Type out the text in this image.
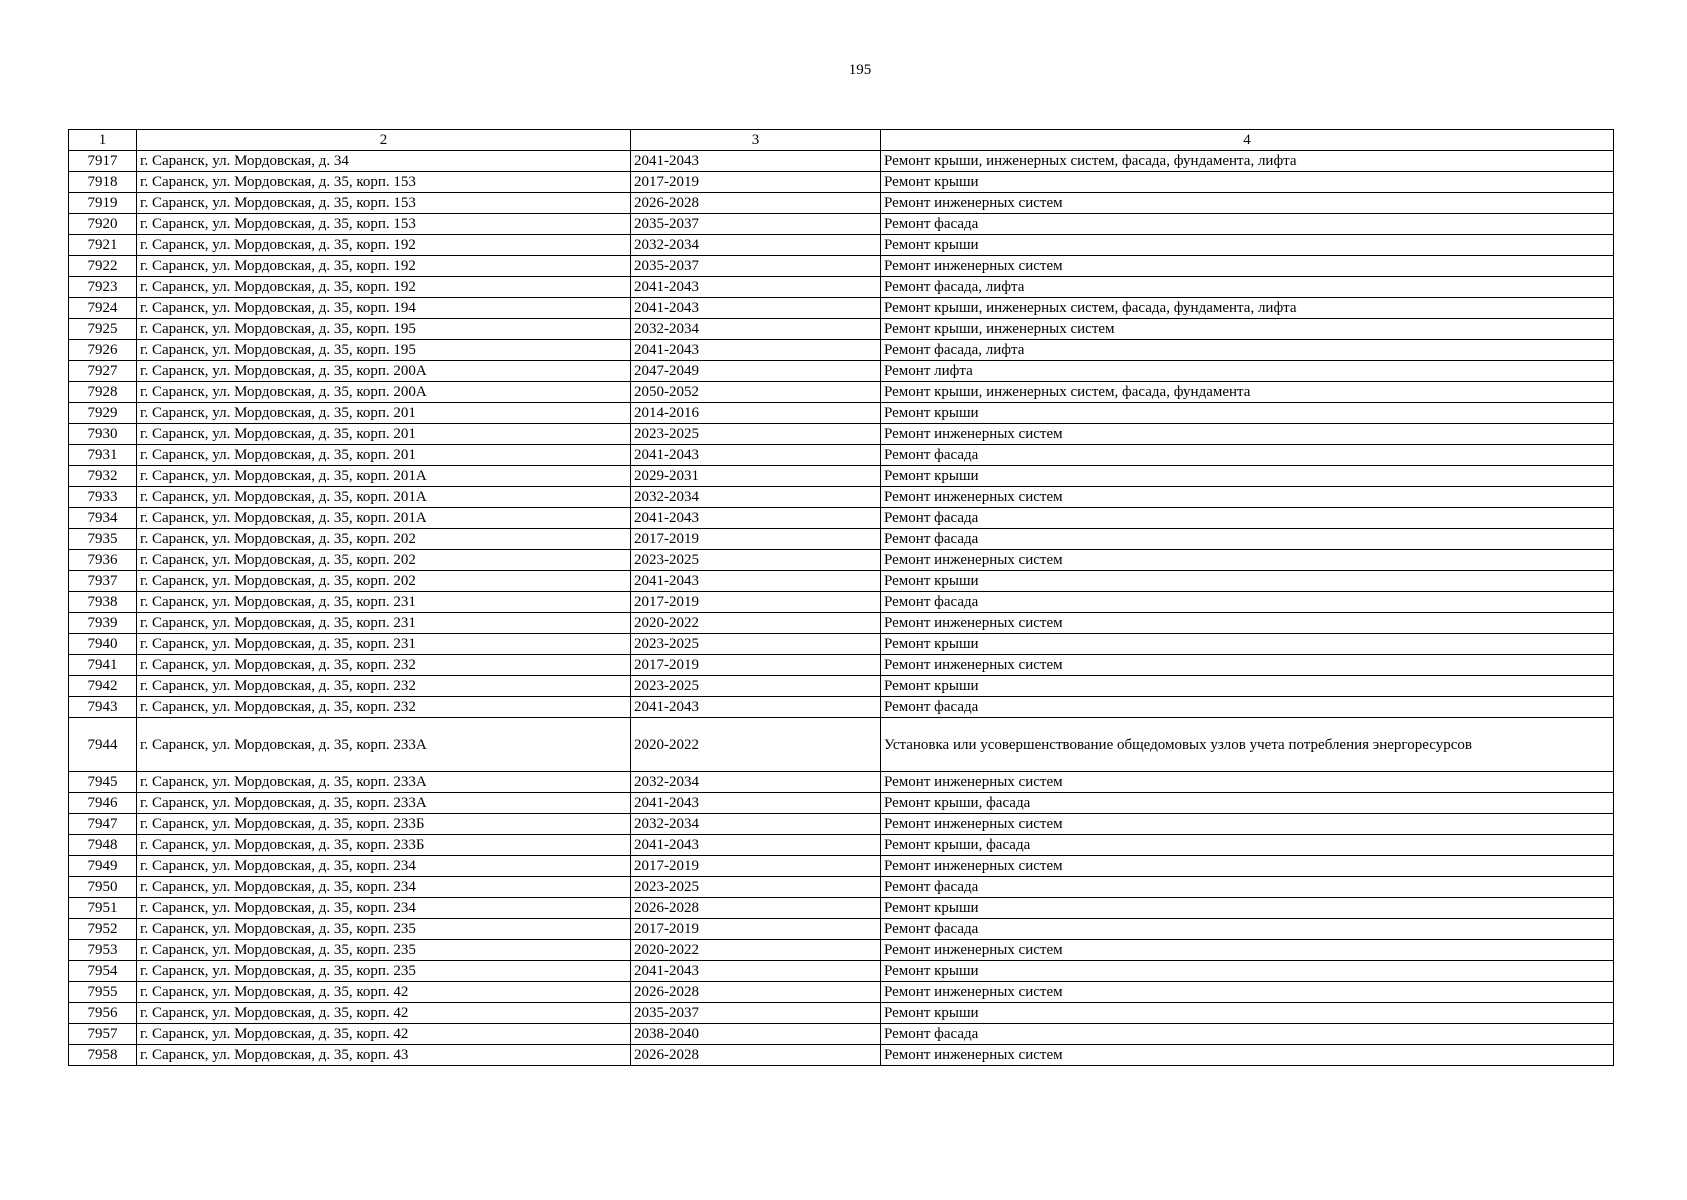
195
1	2	3	4
7917	г. Саранск, ул. Мордовская, д. 34	2041-2043	Ремонт крыши, инженерных систем, фасада, фундамента, лифта
7918	г. Саранск, ул. Мордовская, д. 35, корп. 153	2017-2019	Ремонт крыши
7919	г. Саранск, ул. Мордовская, д. 35, корп. 153	2026-2028	Ремонт инженерных систем
7920	г. Саранск, ул. Мордовская, д. 35, корп. 153	2035-2037	Ремонт фасада
7921	г. Саранск, ул. Мордовская, д. 35, корп. 192	2032-2034	Ремонт крыши
7922	г. Саранск, ул. Мордовская, д. 35, корп. 192	2035-2037	Ремонт инженерных систем
7923	г. Саранск, ул. Мордовская, д. 35, корп. 192	2041-2043	Ремонт фасада, лифта
7924	г. Саранск, ул. Мордовская, д. 35, корп. 194	2041-2043	Ремонт крыши, инженерных систем, фасада, фундамента, лифта
7925	г. Саранск, ул. Мордовская, д. 35, корп. 195	2032-2034	Ремонт крыши, инженерных систем
7926	г. Саранск, ул. Мордовская, д. 35, корп. 195	2041-2043	Ремонт фасада, лифта
7927	г. Саранск, ул. Мордовская, д. 35, корп. 200А	2047-2049	Ремонт лифта
7928	г. Саранск, ул. Мордовская, д. 35, корп. 200А	2050-2052	Ремонт крыши, инженерных систем, фасада, фундамента
7929	г. Саранск, ул. Мордовская, д. 35, корп. 201	2014-2016	Ремонт крыши
7930	г. Саранск, ул. Мордовская, д. 35, корп. 201	2023-2025	Ремонт инженерных систем
7931	г. Саранск, ул. Мордовская, д. 35, корп. 201	2041-2043	Ремонт фасада
7932	г. Саранск, ул. Мордовская, д. 35, корп. 201А	2029-2031	Ремонт крыши
7933	г. Саранск, ул. Мордовская, д. 35, корп. 201А	2032-2034	Ремонт инженерных систем
7934	г. Саранск, ул. Мордовская, д. 35, корп. 201А	2041-2043	Ремонт фасада
7935	г. Саранск, ул. Мордовская, д. 35, корп. 202	2017-2019	Ремонт фасада
7936	г. Саранск, ул. Мордовская, д. 35, корп. 202	2023-2025	Ремонт инженерных систем
7937	г. Саранск, ул. Мордовская, д. 35, корп. 202	2041-2043	Ремонт крыши
7938	г. Саранск, ул. Мордовская, д. 35, корп. 231	2017-2019	Ремонт фасада
7939	г. Саранск, ул. Мордовская, д. 35, корп. 231	2020-2022	Ремонт инженерных систем
7940	г. Саранск, ул. Мордовская, д. 35, корп. 231	2023-2025	Ремонт крыши
7941	г. Саранск, ул. Мордовская, д. 35, корп. 232	2017-2019	Ремонт инженерных систем
7942	г. Саранск, ул. Мордовская, д. 35, корп. 232	2023-2025	Ремонт крыши
7943	г. Саранск, ул. Мордовская, д. 35, корп. 232	2041-2043	Ремонт фасада
7944	г. Саранск, ул. Мордовская, д. 35, корп. 233А	2020-2022	Установка или усовершенствование общедомовых узлов учета потребления энергоресурсов
7945	г. Саранск, ул. Мордовская, д. 35, корп. 233А	2032-2034	Ремонт инженерных систем
7946	г. Саранск, ул. Мордовская, д. 35, корп. 233А	2041-2043	Ремонт крыши, фасада
7947	г. Саранск, ул. Мордовская, д. 35, корп. 233Б	2032-2034	Ремонт инженерных систем
7948	г. Саранск, ул. Мордовская, д. 35, корп. 233Б	2041-2043	Ремонт крыши, фасада
7949	г. Саранск, ул. Мордовская, д. 35, корп. 234	2017-2019	Ремонт инженерных систем
7950	г. Саранск, ул. Мордовская, д. 35, корп. 234	2023-2025	Ремонт фасада
7951	г. Саранск, ул. Мордовская, д. 35, корп. 234	2026-2028	Ремонт крыши
7952	г. Саранск, ул. Мордовская, д. 35, корп. 235	2017-2019	Ремонт фасада
7953	г. Саранск, ул. Мордовская, д. 35, корп. 235	2020-2022	Ремонт инженерных систем
7954	г. Саранск, ул. Мордовская, д. 35, корп. 235	2041-2043	Ремонт крыши
7955	г. Саранск, ул. Мордовская, д. 35, корп. 42	2026-2028	Ремонт инженерных систем
7956	г. Саранск, ул. Мордовская, д. 35, корп. 42	2035-2037	Ремонт крыши
7957	г. Саранск, ул. Мордовская, д. 35, корп. 42	2038-2040	Ремонт фасада
7958	г. Саранск, ул. Мордовская, д. 35, корп. 43	2026-2028	Ремонт инженерных систем
